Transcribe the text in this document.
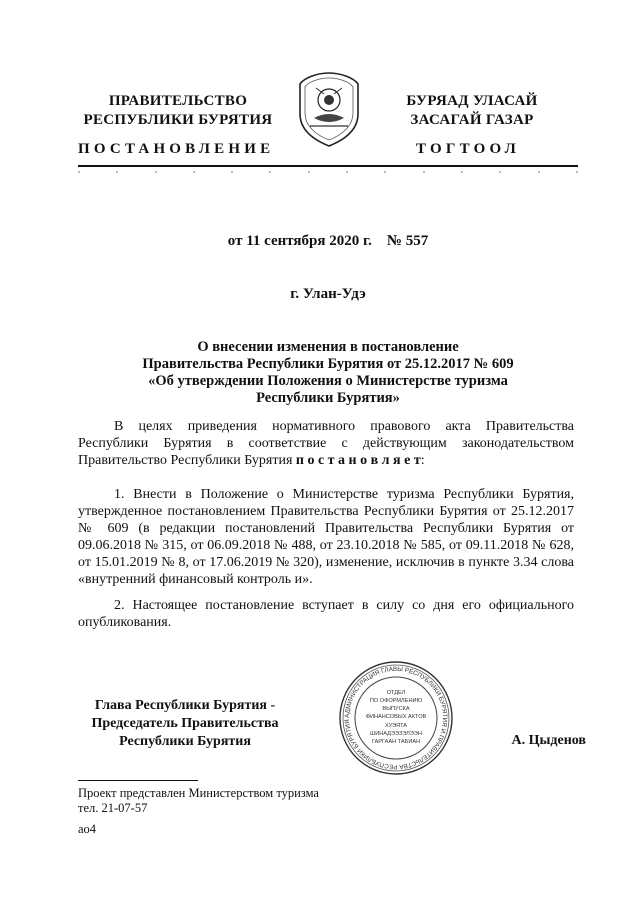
ПРАВИТЕЛЬСТВО
РЕСПУБЛИКИ БУРЯТИЯ
БУРЯАД УЛАСАЙ
ЗАСАГАЙ ГАЗАР
ПОСТАНОВЛЕНИЕ	ТОГТООЛ
от 11 сентября 2020 г.    № 557
г. Улан-Удэ
О внесении изменения в постановление
Правительства Республики Бурятия от 25.12.2017 № 609
«Об утверждении Положения о Министерстве туризма
Республики Бурятия»
В целях приведения нормативного правового акта Правительства Республики Бурятия в соответствие с действующим законодательством Правительство Республики Бурятия п о с т а н о в л я е т:
1. Внести в Положение о Министерстве туризма Республики Бурятия, утвержденное постановлением Правительства Республики Бурятия от 25.12.2017 № 609 (в редакции постановлений Правительства Республики Бурятия от 09.06.2018 № 315, от 06.09.2018 № 488, от 23.10.2018 № 585, от 09.11.2018 № 628, от 15.01.2019 № 8, от 17.06.2019 № 320), изменение, исключив в пункте 3.34 слова «внутренний финансовый контроль и».
2. Настоящее постановление вступает в силу со дня его официального опубликования.
Глава Республики Бурятия -
Председатель Правительства
Республики Бурятия
АДМИНИСТРАЦИЯ ГЛАВЫ РЕСПУБЛИКИ БУРЯТИЯ И ПРАВИТЕЛЬСТВА РЕСПУБЛИКИ БУРЯТИЯ
ОТДЕЛ
ПО ОФОРМЛЕНИЮ
ВЫПУСКА
ФИНАНСОВЫХ АКТОВ
ХУЭЯТА
ШИНАДЭЭЗЭЛЭЭН
ГАРГААН ТАБИАН	А. Цыденов
Проект представлен Министерством туризма
тел. 21-07-57
ао4
